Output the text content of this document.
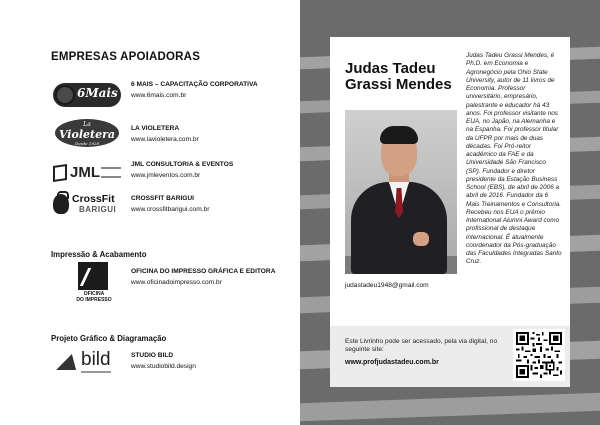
EMPRESAS APOIADORAS
6Mais
6 MAIS – CAPACITAÇÃO CORPORATIVA
www.6mais.com.br
La
Violetera
Desde 1928
LA VIOLETERA
www.lavioletera.com.br
JML	JML CONSULTORIA & EVENTOS
www.jmleventos.com.br
CrossFit
BARIGUI
CROSSFIT BARIGUI
www.crossfitbarigui.com.br
Impressão & Acabamento
OFICINA
DO IMPRESSO
OFICINA DO IMPRESSO GRÁFICA E EDITORA
www.oficinadoimpresso.com.br
Projeto Gráfico & Diagramação
bild	STUDIO BILD
www.studiobild.design
Judas Tadeu Grassi Mendes
judastadeu1948@gmail.com
Judas Tadeu Grassi Mendes, é Ph.D. em Economia e Agronegócio pela Ohio State University, autor de 11 livros de Economia. Professor universitário, empresário, palestrante e educador há 43 anos. Foi professor visitante nos EUA, no Japão, na Alemanha e na Espanha. Foi professor titular da UFPR por mais de duas décadas. Foi Pró-reitor acadêmico da FAE e da Universidade São Francisco (SP). Fundador e diretor presidente da Estação Business School (EBS), de abril de 2006 a abril de 2016. Fundador da 6 Mais Treinamentos e Consultoria. Recebeu nos EUA o prêmio International Alumni Award como profissional de destaque internacional. É atualmente coordenador da Pós-graduação das Faculdades Integradas Santo Cruz.
Este Livrinho pode ser acessado, pela via digital, no seguinte site:
www.profjudastadeu.com.br
